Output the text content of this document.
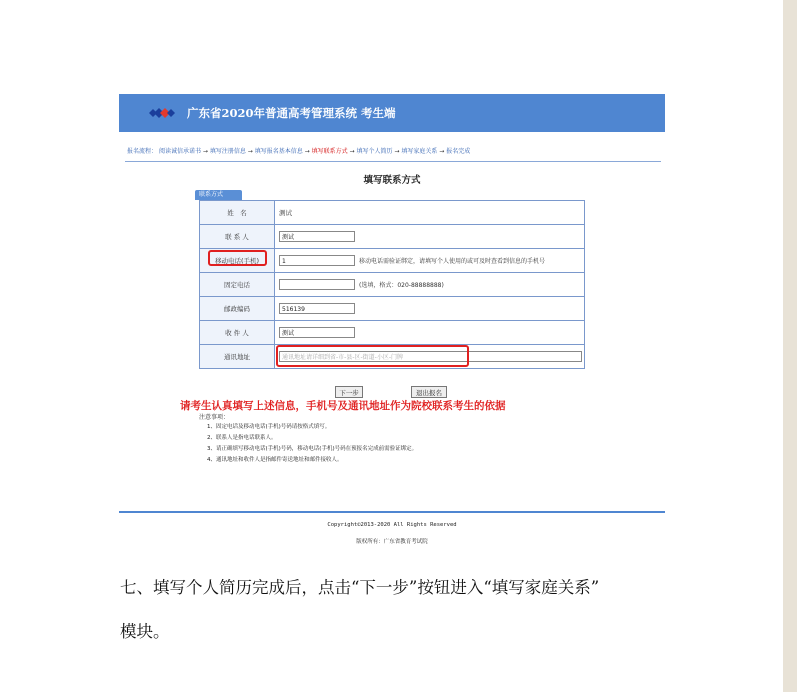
广东省2020年普通高考管理系统 考生端
报名流程： 阅读诚信承诺书 → 填写注册信息 → 填写报名基本信息 → 填写联系方式 → 填写个人简历 → 填写家庭关系 → 报名完成
填写联系方式
联系方式
姓　名	测试
联 系 人	测试
移动电话(手机)	1 移动电话需验证绑定，请填写个人使用的或可及时查看到信息的手机号
固定电话	(选填，格式：020-88888888)
邮政编码	516139
收 件 人	测试
通讯地址	通讯地址请详细到省-市-县-区-街道-小区-门牌
下一步	退出报名
请考生认真填写上述信息，手机号及通讯地址作为院校联系考生的依据
注意事项：
1、固定电话及移动电话(手机)号码请按格式填写。
2、联系人是指电话联系人。
3、请正确填写移动电话(手机)号码，移动电话(手机)号码在预报名完成前需验证绑定。
4、通讯地址和收件人是指邮件寄送地址和邮件接收人。
Copyright©2013-2020 All Rights Reserved
版权所有：广东省教育考试院
七、填写个人简历完成后，点击“下一步”按钮进入“填写家庭关系”
模块。
